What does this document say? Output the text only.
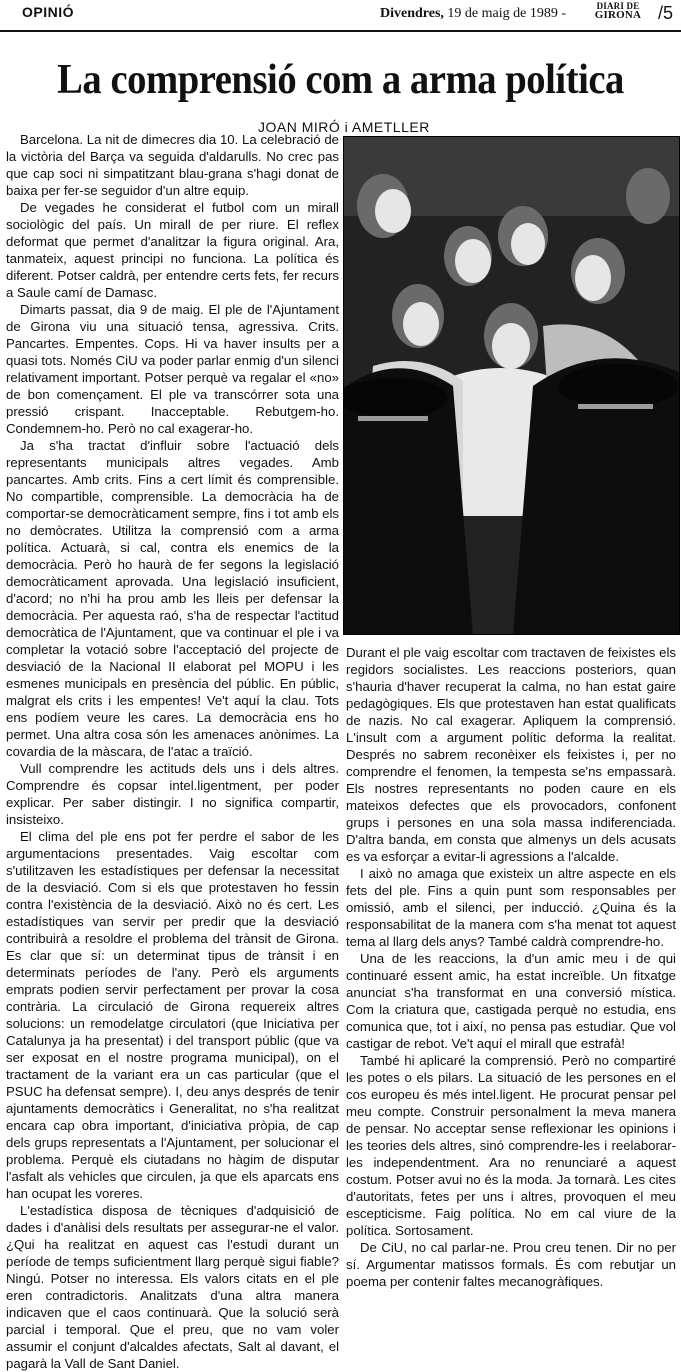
OPINIÓ	Divendres, 19 de maig de 1989 -	DIARI DE
GIRONA /5
La comprensió com a arma política
JOAN MIRÓ i AMETLLER

Barcelona. La nit de dimecres dia 10. La celebració de la victòria del Barça va seguida d'aldarulls. No crec pas que cap soci ni simpatitzant blau-grana s'hagi donat de baixa per fer-se seguidor d'un altre equip.

De vegades he considerat el futbol com un mirall sociològic del país. Un mirall de per riure. El reflex deformat que permet d'analitzar la figura original. Ara, tanmateix, aquest principi no funciona. La política és diferent. Potser caldrà, per entendre certs fets, fer recurs a Saule camí de Damasc.

Dimarts passat, dia 9 de maig. El ple de l'Ajuntament de Girona viu una situació tensa, agressiva. Crits. Pancartes. Empentes. Cops. Hi va haver insults per a quasi tots. Només CiU va poder parlar enmig d'un silenci relativament important. Potser perquè va regalar el «no» de bon començament. El ple va transcórrer sota una pressió crispant. Inacceptable. Rebutgem-ho. Condemnem-ho. Però no cal exagerar-ho.

Ja s'ha tractat d'influir sobre l'actuació dels representants municipals altres vegades. Amb pancartes. Amb crits. Fins a cert límit és comprensible. No compartible, comprensible. La democràcia ha de comportar-se democràticament sempre, fins i tot amb els no demòcrates. Utilitza la comprensió com a arma política. Actuarà, si cal, contra els enemics de la democràcia. Però ho haurà de fer segons la legislació democràticament aprovada. Una legislació insuficient, d'acord; no n'hi ha prou amb les lleis per defensar la democràcia. Per aquesta raó, s'ha de respectar l'actitud democràtica de l'Ajuntament, que va continuar el ple i va completar la votació sobre l'acceptació del projecte de desviació de la Nacional II elaborat pel MOPU i les esmenes municipals en presència del públic. En públic, malgrat els crits i les empentes! Ve't aquí la clau. Tots ens podíem veure les cares. La democràcia ens ho permet. Una altra cosa són les amenaces anònimes. La covardia de la màscara, de l'atac a traïció.

Vull comprendre les actituds dels uns i dels altres. Comprendre és copsar intel.ligentment, per poder explicar. Per saber distingir. I no significa compartir, insisteixo.

El clima del ple ens pot fer perdre el sabor de les argumentacions presentades. Vaig escoltar com s'utilitzaven les estadístiques per defensar la necessitat de la desviació. Com si els que protestaven ho fessin contra l'existència de la desviació. Això no és cert. Les estadístiques van servir per predir que la desviació contribuirà a resoldre el problema del trànsit de Girona. Es clar que sí: un determinat tipus de trànsit i en determinats períodes de l'any. Però els arguments emprats podien servir perfectament per provar la cosa contrària. La circulació de Girona requereix altres solucions: un remodelatge circulatori (que Iniciativa per Catalunya ja ha presentat) i del transport públic (que va ser exposat en el nostre programa municipal), on el tractament de la variant era un cas particular (que el PSUC ha defensat sempre). I, deu anys després de tenir ajuntaments democràtics i Generalitat, no s'ha realitzat encara cap obra important, d'iniciativa pròpia, de cap dels grups representats a l'Ajuntament, per solucionar el problema. Perquè els ciutadans no hàgim de disputar l'asfalt als vehicles que circulen, ja que els aparcats ens han ocupat les voreres.

L'estadística disposa de tècniques d'adquisició de dades i d'anàlisi dels resultats per assegurar-ne el valor. ¿Qui ha realitzat en aquest cas l'estudi durant un període de temps suficientment llarg perquè sigui fiable? Ningú. Potser no interessa. Els valors citats en el ple eren contradictoris. Analitzats d'una altra manera indicaven que el caos continuarà. Que la solució serà parcial i temporal. Que el preu, que no vam voler assumir el conjunt d'alcaldes afectats, Salt al davant, el pagarà la Vall de Sant Daniel.

Durant el ple vaig escoltar com tractaven de feixistes els regidors socialistes. Les reaccions posteriors, quan s'hauria d'haver recuperat la calma, no han estat gaire pedagògiques. Els que protestaven han estat qualificats de nazis. No cal exagerar. Apliquem la comprensió. L'insult com a argument polític deforma la realitat. Després no sabrem reconèixer els feixistes i, per no comprendre el fenomen, la tempesta se'ns empassarà. Els nostres representants no poden caure en els mateixos defectes que els provocadors, confonent grups i persones en una sola massa indiferenciada. D'altra banda, em consta que almenys un dels acusats es va esforçar a evitar-li agressions a l'alcalde.

I això no amaga que existeix un altre aspecte en els fets del ple. Fins a quin punt som responsables per omissió, amb el silenci, per inducció. ¿Quina és la responsabilitat de la manera com s'ha menat tot aquest tema al llarg dels anys? També caldrà comprendre-ho.

Una de les reaccions, la d'un amic meu i de qui continuaré essent amic, ha estat increïble. Un fitxatge anunciat s'ha transformat en una conversió mística. Com la criatura que, castigada perquè no estudia, ens comunica que, tot i així, no pensa pas estudiar. Que vol castigar de rebot. Ve't aquí el mirall que estrafà!

També hi aplicaré la comprensió. Però no compartiré les potes o els pilars. La situació de les persones en el cos europeu és més intel.ligent. He procurat pensar pel meu compte. Construir personalment la meva manera de pensar. No acceptar sense reflexionar les opinions i les teories dels altres, sinó comprendre-les i reelaborar-les independentment. Ara no renunciaré a aquest costum. Potser avui no és la moda. Ja tornarà. Les cites d'autoritats, fetes per uns i altres, provoquen el meu escepticisme. Faig política. No em cal viure de la política. Sortosament.

De CiU, no cal parlar-ne. Prou creu tenen. Dir no per sí. Argumentar matissos formals. És com rebutjar un poema per contenir faltes mecanogràfiques.
